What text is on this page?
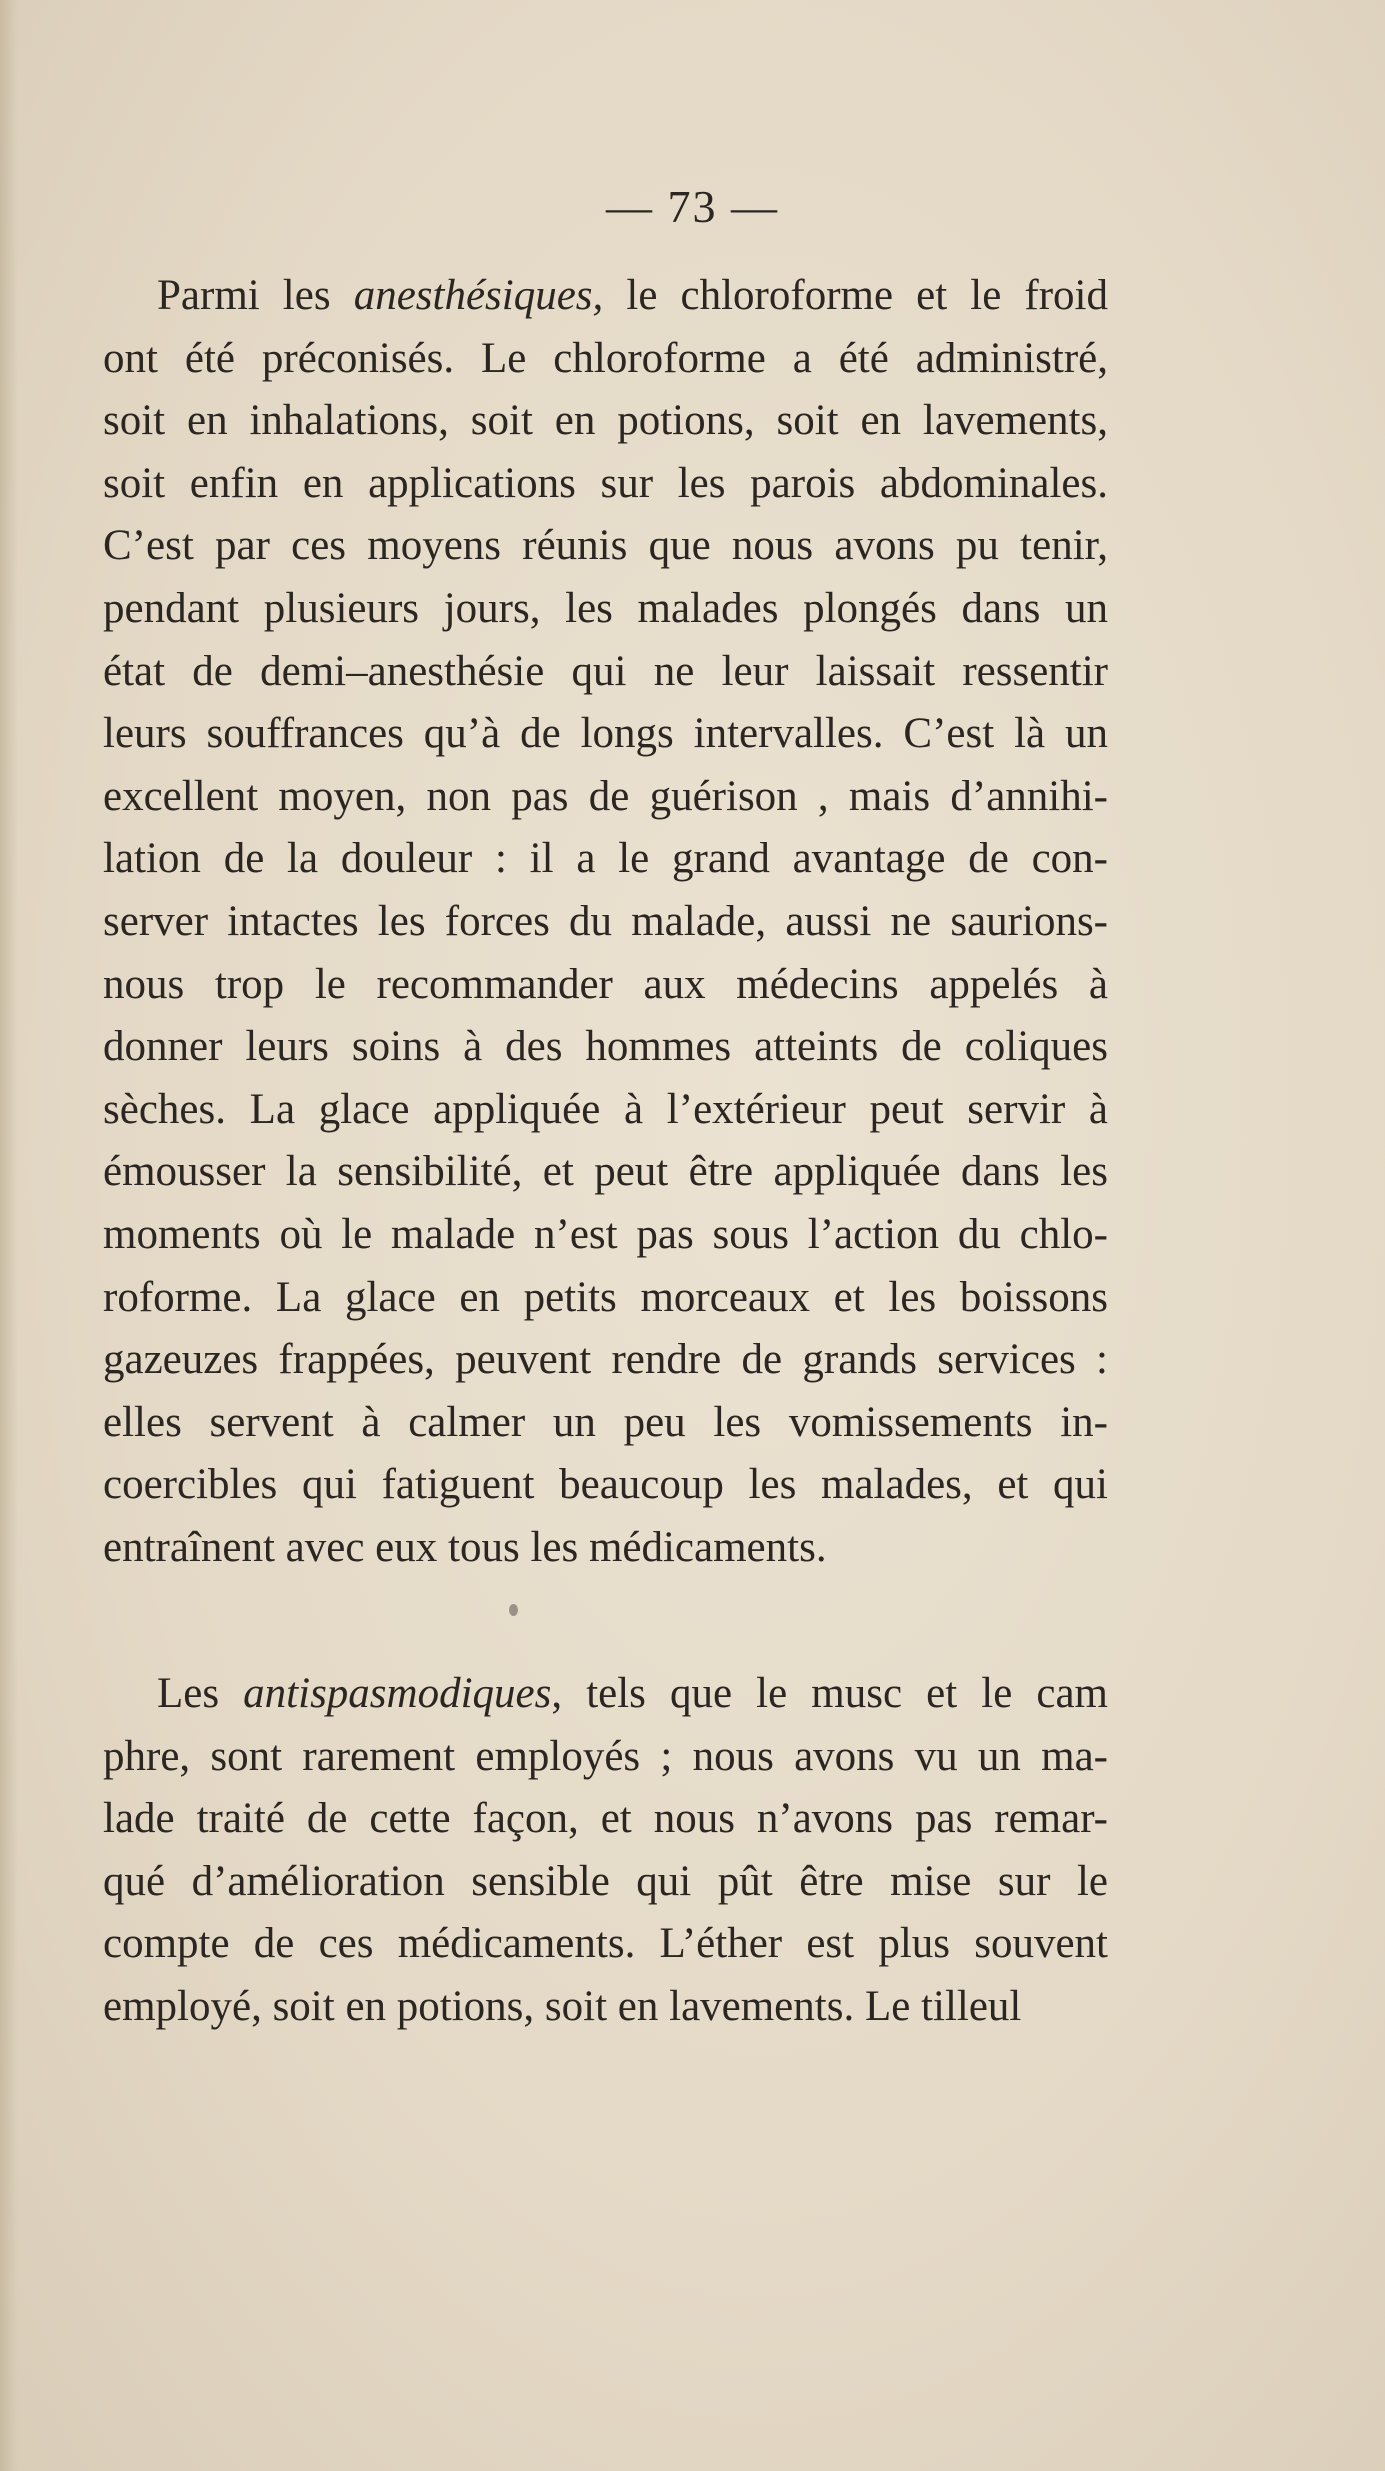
— 73 —
Parmi les anesthésiques, le chloroforme et le froid
ont été préconisés. Le chloroforme a été administré,
soit en inhalations, soit en potions, soit en lavements,
soit enfin en applications sur les parois abdominales.
C’est par ces moyens réunis que nous avons pu tenir,
pendant plusieurs jours, les malades plongés dans un
état de demi–anesthésie qui ne leur laissait ressentir
leurs souffrances qu’à de longs intervalles. C’est là un
excellent moyen, non pas de guérison , mais d’annihi-
lation de la douleur : il a le grand avantage de con-
server intactes les forces du malade, aussi ne saurions-
nous trop le recommander aux médecins appelés à
donner leurs soins à des hommes atteints de coliques
sèches. La glace appliquée à l’extérieur peut servir à
émousser la sensibilité, et peut être appliquée dans les
moments où le malade n’est pas sous l’action du chlo-
roforme. La glace en petits morceaux et les boissons
gazeuzes frappées, peuvent rendre de grands services :
elles servent à calmer un peu les vomissements in-
coercibles qui fatiguent beaucoup les malades, et qui
entraînent avec eux tous les médicaments.
Les antispasmodiques, tels que le musc et le cam
phre, sont rarement employés ; nous avons vu un ma-
lade traité de cette façon, et nous n’avons pas remar-
qué d’amélioration sensible qui pût être mise sur le
compte de ces médicaments. L’éther est plus souvent
employé, soit en potions, soit en lavements. Le tilleul
